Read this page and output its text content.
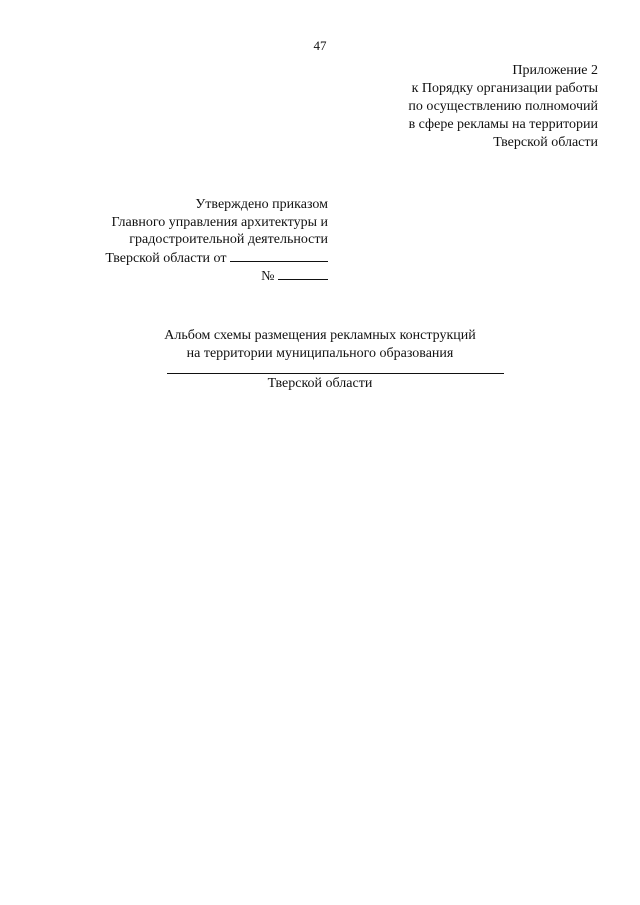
47
Приложение 2
к Порядку организации работы
по осуществлению полномочий
в сфере рекламы на территории
Тверской области
Утверждено приказом
Главного управления архитектуры и
градостроительной деятельности
Тверской области от
№
Альбом схемы размещения рекламных конструкций
на территории муниципального образования
Тверской области
